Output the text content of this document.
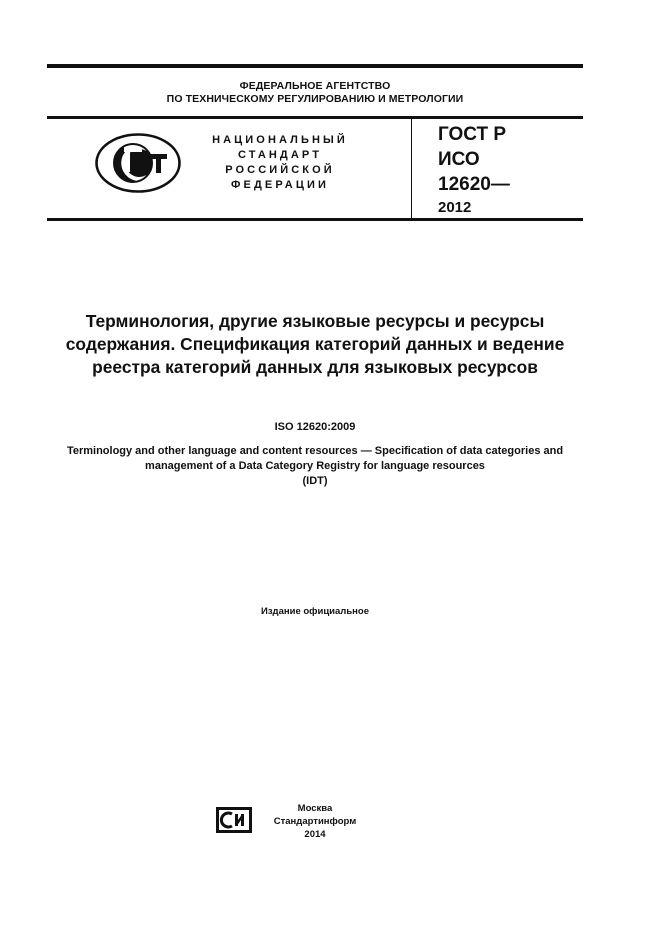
ФЕДЕРАЛЬНОЕ АГЕНТСТВО
ПО ТЕХНИЧЕСКОМУ РЕГУЛИРОВАНИЮ И МЕТРОЛОГИИ
НАЦИОНАЛЬНЫЙ
СТАНДАРТ
РОССИЙСКОЙ
ФЕДЕРАЦИИ
ГОСТ Р
ИСО
12620—
2012
Терминология, другие языковые ресурсы и ресурсы содержания. Спецификация категорий данных и ведение реестра категорий данных для языковых ресурсов
ISO 12620:2009
Terminology and other language and content resources — Specification of data categories and management of a Data Category Registry for language resources
(IDT)
Издание официальное
Москва
Стандартинформ
2014
